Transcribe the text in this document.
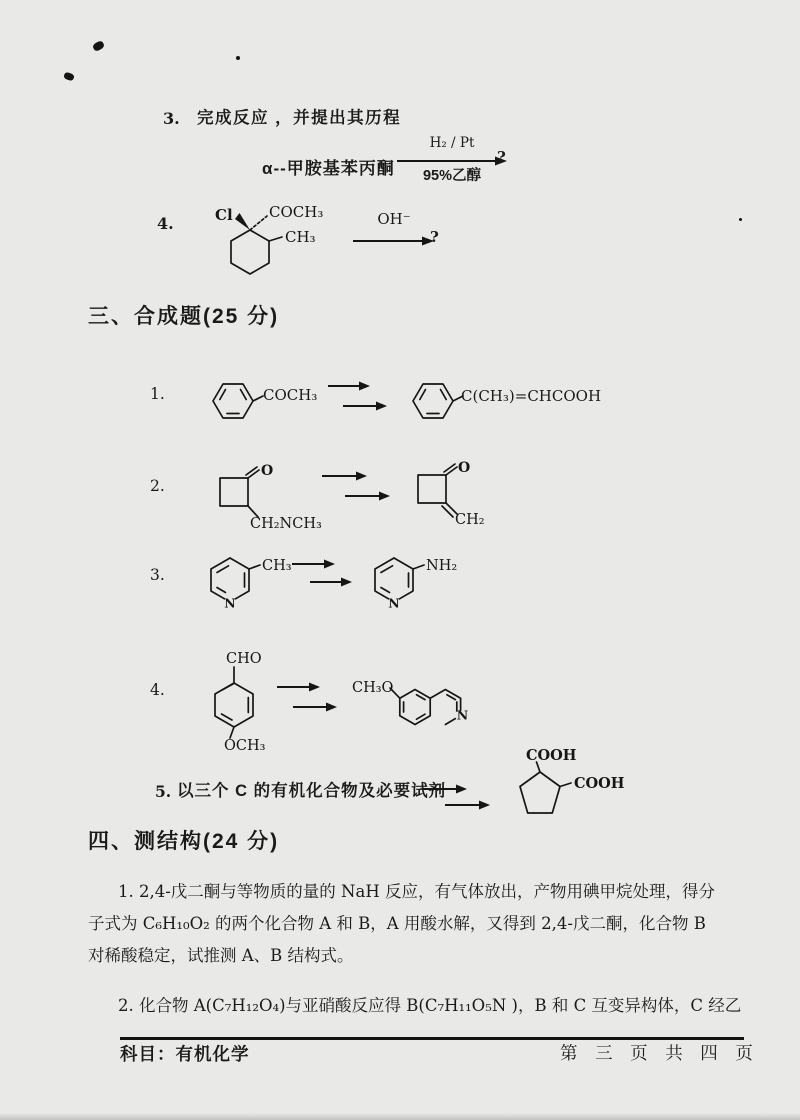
3. 完成反应 ，并提出其历程
α--甲胺基苯丙酮
H₂ / Pt
95%乙醇
?
4.	Cl COCH₃
CH₃
OH⁻
?
三、合成题(25 分)
1.	COCH₃	C(CH₃)=CHCOOH
2.
O
CH₂NCH₃
O
CH₂
3.
N
CH₃
N
NH₂
4.
CHO
OCH₃
CH₃O
N
5. 以三个 C 的有机化合物及必要试剂
COOH
COOH
四、测结构(24 分)
1. 2,4-戊二酮与等物质的量的 NaH 反应，有气体放出，产物用碘甲烷处理，得分
子式为 C₆H₁₀O₂ 的两个化合物 A 和 B，A 用酸水解，又得到 2,4-戊二酮，化合物 B
对稀酸稳定，试推测 A、B 结构式。
2. 化合物 A(C₇H₁₂O₄)与亚硝酸反应得 B(C₇H₁₁O₅N )，B 和 C 互变异构体，C 经乙
科目：有机化学	第 三 页 共 四 页
